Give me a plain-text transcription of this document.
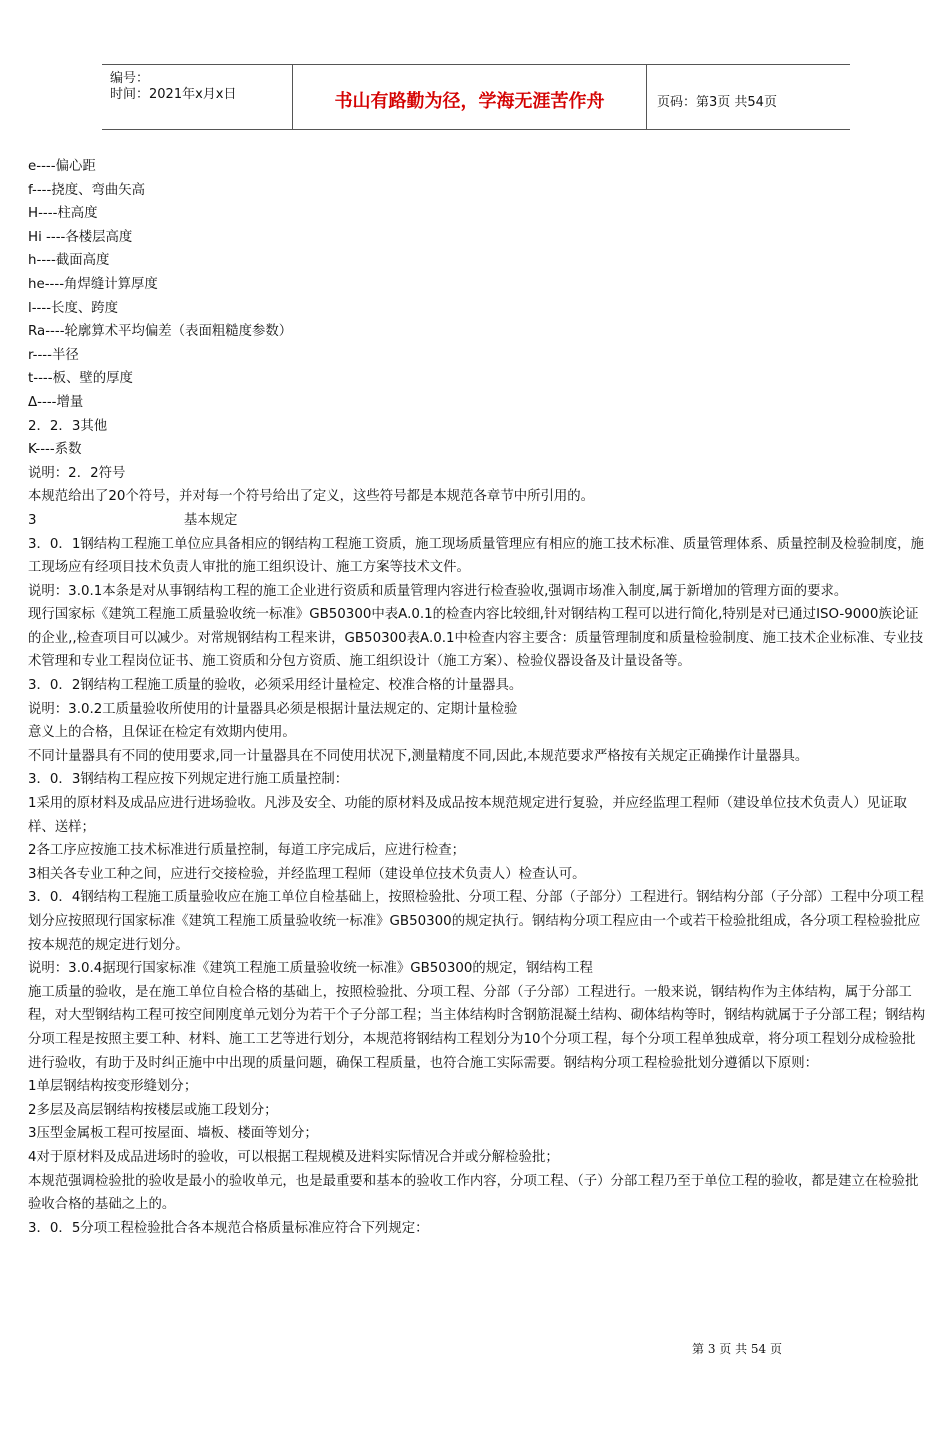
编号：
时间：2021年x月x日	书山有路勤为径，学海无涯苦作舟	页码：第3页 共54页

e----偏心距

f----挠度、弯曲矢高

H----柱高度

Hi ----各楼层高度

h----截面高度

he----角焊缝计算厚度

l----长度、跨度

Ra----轮廓算术平均偏差（表面粗糙度参数）

r----半径

t----板、壁的厚度

Δ----增量

2．2．3其他

K----系数

说明：2．2符号

本规范给出了20个符号，并对每一个符号给出了定义，这些符号都是本规范各章节中所引用的。

3　　　　　　　　　　　基本规定

3．0．1钢结构工程施工单位应具备相应的钢结构工程施工资质，施工现场质量管理应有相应的施工技术标准、质量管理体系、质量控制及检验制度，施工现场应有经项目技术负责人审批的施工组织设计、施工方案等技术文件。

说明：3.0.1本条是对从事钢结构工程的施工企业进行资质和质量管理内容进行检查验收,强调市场准入制度,属于新增加的管理方面的要求。

现行国家标《建筑工程施工质量验收统一标准》GB50300中表A.0.1的检查内容比较细,针对钢结构工程可以进行简化,特别是对已通过ISO-9000族论证的企业,,检查项目可以减少。对常规钢结构工程来讲，GB50300表A.0.1中检查内容主要含：质量管理制度和质量检验制度、施工技术企业标准、专业技术管理和专业工程岗位证书、施工资质和分包方资质、施工组织设计（施工方案）、检验仪器设备及计量设备等。

3．0．2钢结构工程施工质量的验收，必须采用经计量检定、校准合格的计量器具。

说明：3.0.2工质量验收所使用的计量器具必须是根据计量法规定的、定期计量检验

意义上的合格，且保证在检定有效期内使用。

不同计量器具有不同的使用要求,同一计量器具在不同使用状况下,测量精度不同,因此,本规范要求严格按有关规定正确操作计量器具。

3．0．3钢结构工程应按下列规定进行施工质量控制：

1采用的原材料及成品应进行进场验收。凡涉及安全、功能的原材料及成品按本规范规定进行复验，并应经监理工程师（建设单位技术负责人）见证取样、送样；

2各工序应按施工技术标准进行质量控制，每道工序完成后，应进行检查；

3相关各专业工种之间，应进行交接检验，并经监理工程师（建设单位技术负责人）检查认可。

3．0．4钢结构工程施工质量验收应在施工单位自检基础上，按照检验批、分项工程、分部（子部分）工程进行。钢结构分部（子分部）工程中分项工程划分应按照现行国家标准《建筑工程施工质量验收统一标准》GB50300的规定执行。钢结构分项工程应由一个或若干检验批组成，各分项工程检验批应按本规范的规定进行划分。

说明：3.0.4据现行国家标准《建筑工程施工质量验收统一标准》GB50300的规定，钢结构工程

施工质量的验收，是在施工单位自检合格的基础上，按照检验批、分项工程、分部（子分部）工程进行。一般来说，钢结构作为主体结构，属于分部工程，对大型钢结构工程可按空间刚度单元划分为若干个子分部工程；当主体结构时含钢筋混凝土结构、砌体结构等时，钢结构就属于子分部工程；钢结构分项工程是按照主要工种、材料、施工工艺等进行划分，本规范将钢结构工程划分为10个分项工程，每个分项工程单独成章，将分项工程划分成检验批进行验收，有助于及时纠正施中中出现的质量问题，确保工程质量，也符合施工实际需要。钢结构分项工程检验批划分遵循以下原则：

1单层钢结构按变形缝划分；

2多层及高层钢结构按楼层或施工段划分；

3压型金属板工程可按屋面、墙板、楼面等划分；

4对于原材料及成品进场时的验收，可以根据工程规模及进料实际情况合并或分解检验批；

本规范强调检验批的验收是最小的验收单元，也是最重要和基本的验收工作内容，分项工程、（子）分部工程乃至于单位工程的验收，都是建立在检验批验收合格的基础之上的。

3．0．5分项工程检验批合各本规范合格质量标准应符合下列规定：

第 3 页 共 54 页
